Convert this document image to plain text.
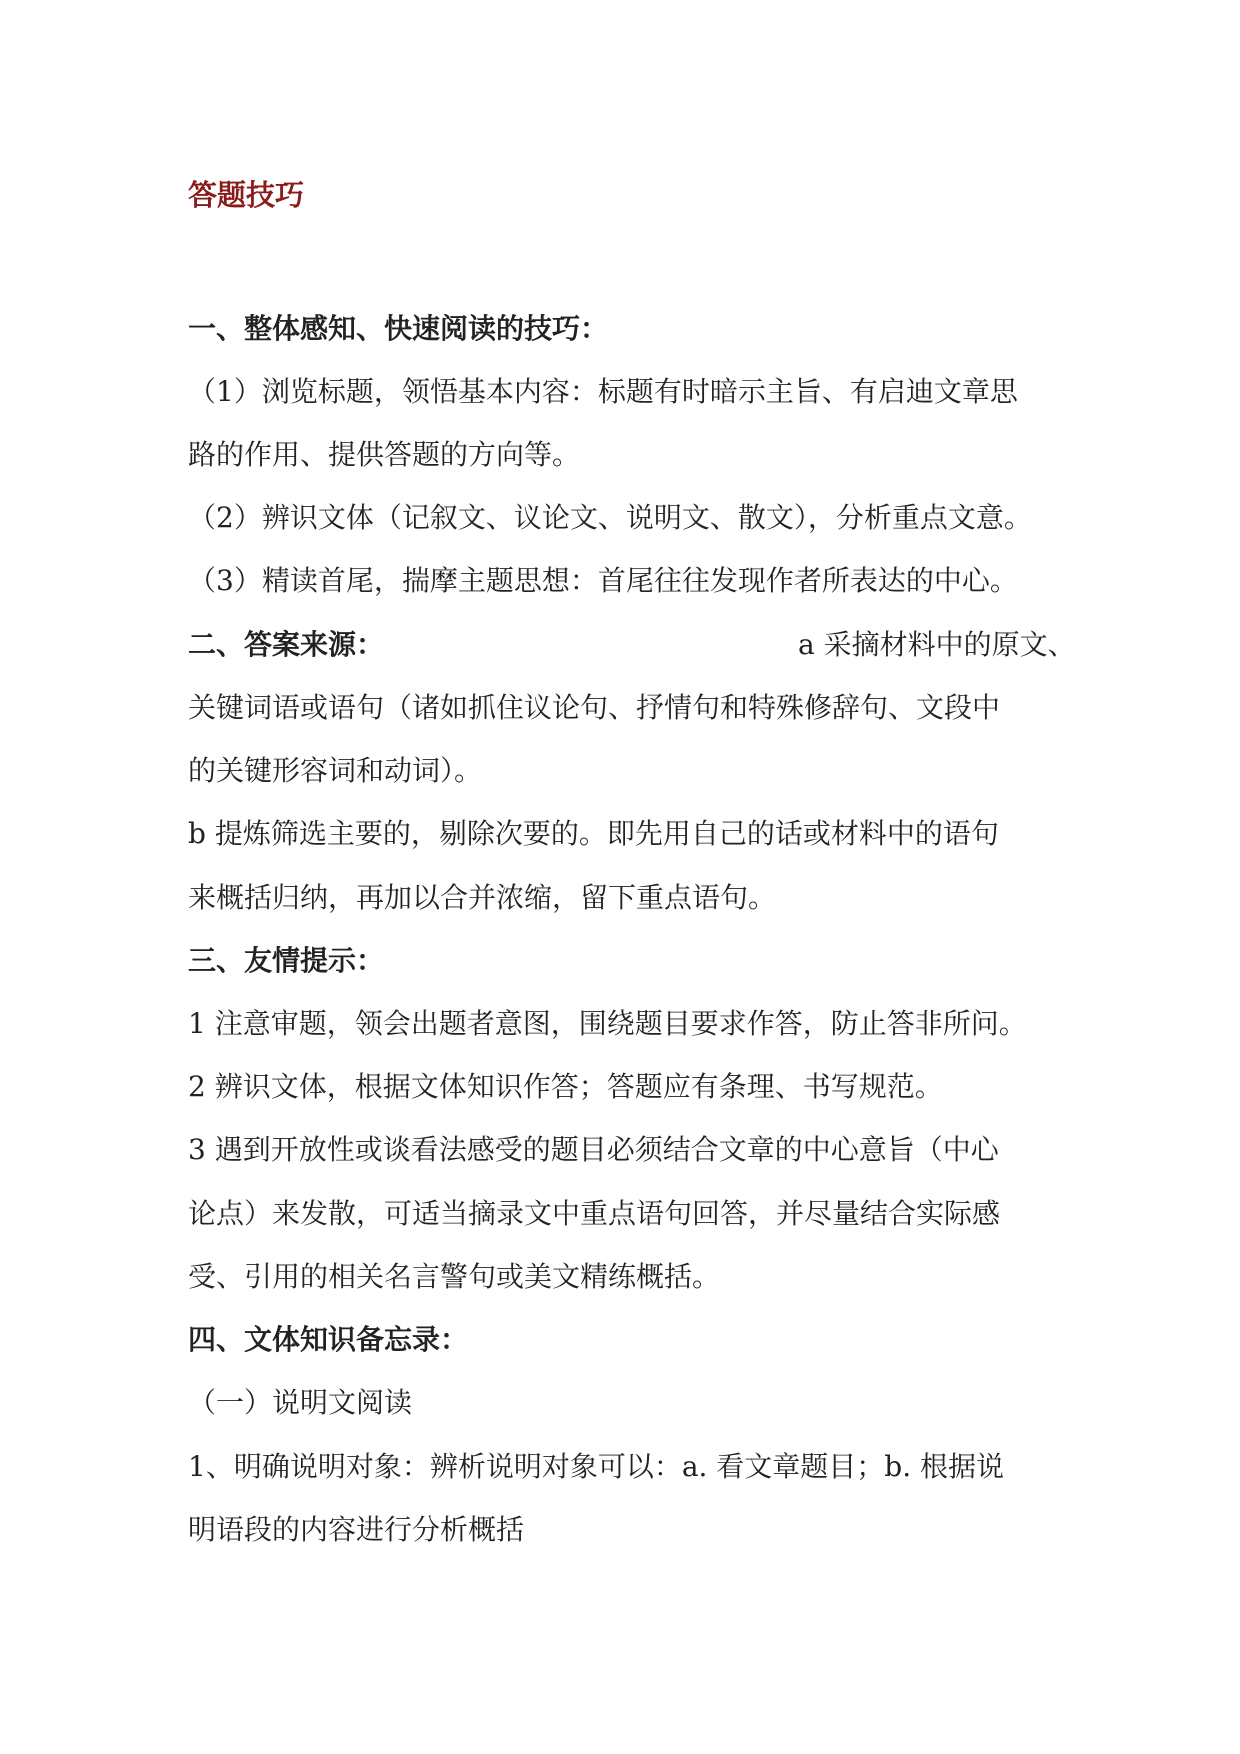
答题技巧
一、整体感知、快速阅读的技巧：
（1）浏览标题，领悟基本内容：标题有时暗示主旨、有启迪文章思
路的作用、提供答题的方向等。
（2）辨识文体（记叙文、议论文、说明文、散文），分析重点文意。
（3）精读首尾，揣摩主题思想：首尾往往发现作者所表达的中心。
二、答案来源：	a 采摘材料中的原文、
关键词语或语句（诸如抓住议论句、抒情句和特殊修辞句、文段中
的关键形容词和动词）。
b 提炼筛选主要的，剔除次要的。即先用自己的话或材料中的语句
来概括归纳，再加以合并浓缩，留下重点语句。
三、友情提示：
1 注意审题，领会出题者意图，围绕题目要求作答，防止答非所问。
2 辨识文体，根据文体知识作答；答题应有条理、书写规范。
3 遇到开放性或谈看法感受的题目必须结合文章的中心意旨（中心
论点）来发散，可适当摘录文中重点语句回答，并尽量结合实际感
受、引用的相关名言警句或美文精练概括。
四、文体知识备忘录：
（一）说明文阅读
1、明确说明对象：辨析说明对象可以：a. 看文章题目；b. 根据说
明语段的内容进行分析概括
